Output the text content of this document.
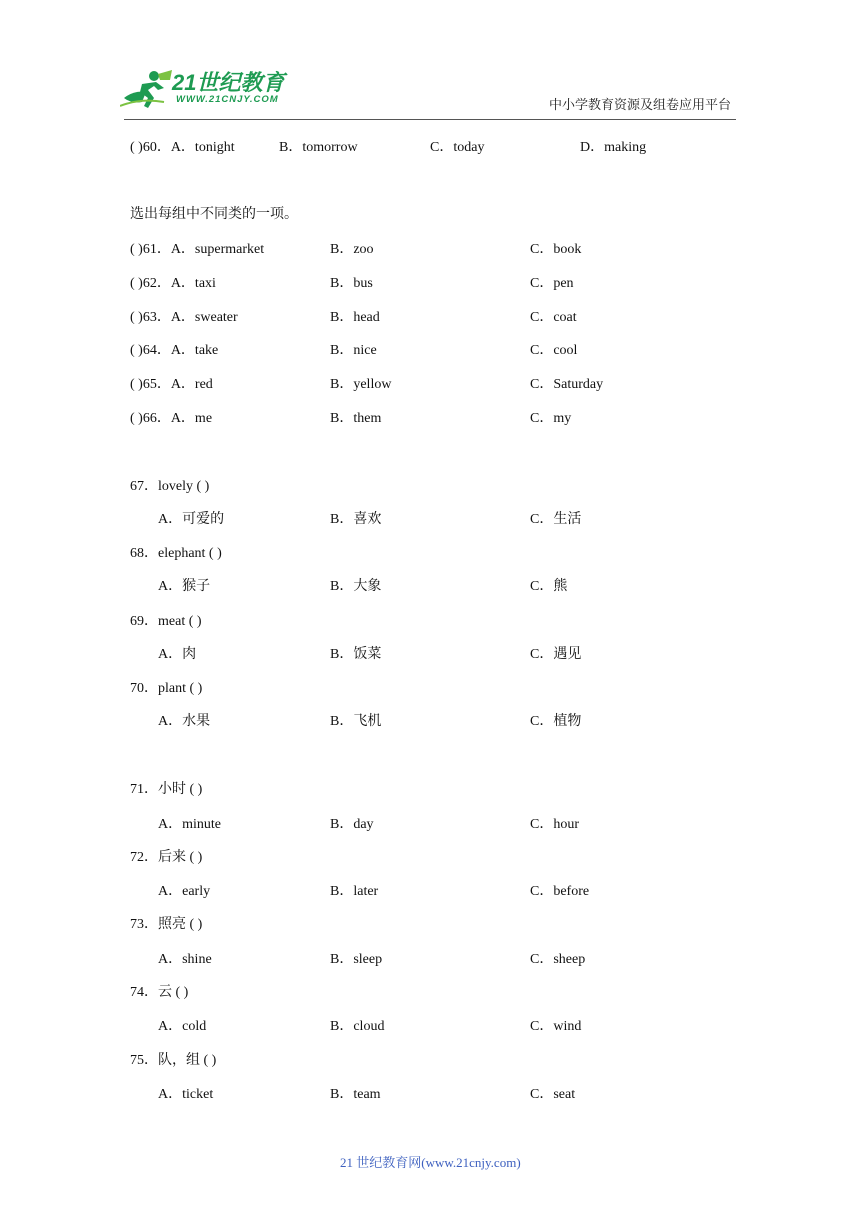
21世纪教育
WWW.21CNJY.COM	中小学教育资源及组卷应用平台
( )60．A．tonight	B．tomorrow	C．today	D．making
选出每组中不同类的一项。
( )61．A．supermarket	B．zoo	C．book
( )62．A．taxi	B．bus	C．pen
( )63．A．sweater	B．head	C．coat
( )64．A．take	B．nice	C．cool
( )65．A．red	B．yellow	C．Saturday
( )66．A．me	B．them	C．my
67．lovely ( )
A．可爱的	B．喜欢	C．生活
68．elephant ( )
A．猴子	B．大象	C．熊
69．meat ( )
A．肉	B．饭菜	C．遇见
70．plant ( )
A．水果	B．飞机	C．植物
71．小时 ( )
A．minute	B．day	C．hour
72．后来 ( )
A．early	B．later	C．before
73．照亮 ( )
A．shine	B．sleep	C．sheep
74．云 ( )
A．cold	B．cloud	C．wind
75．队，组 ( )
A．ticket	B．team	C．seat
21 世纪教育网(www.21cnjy.com)
